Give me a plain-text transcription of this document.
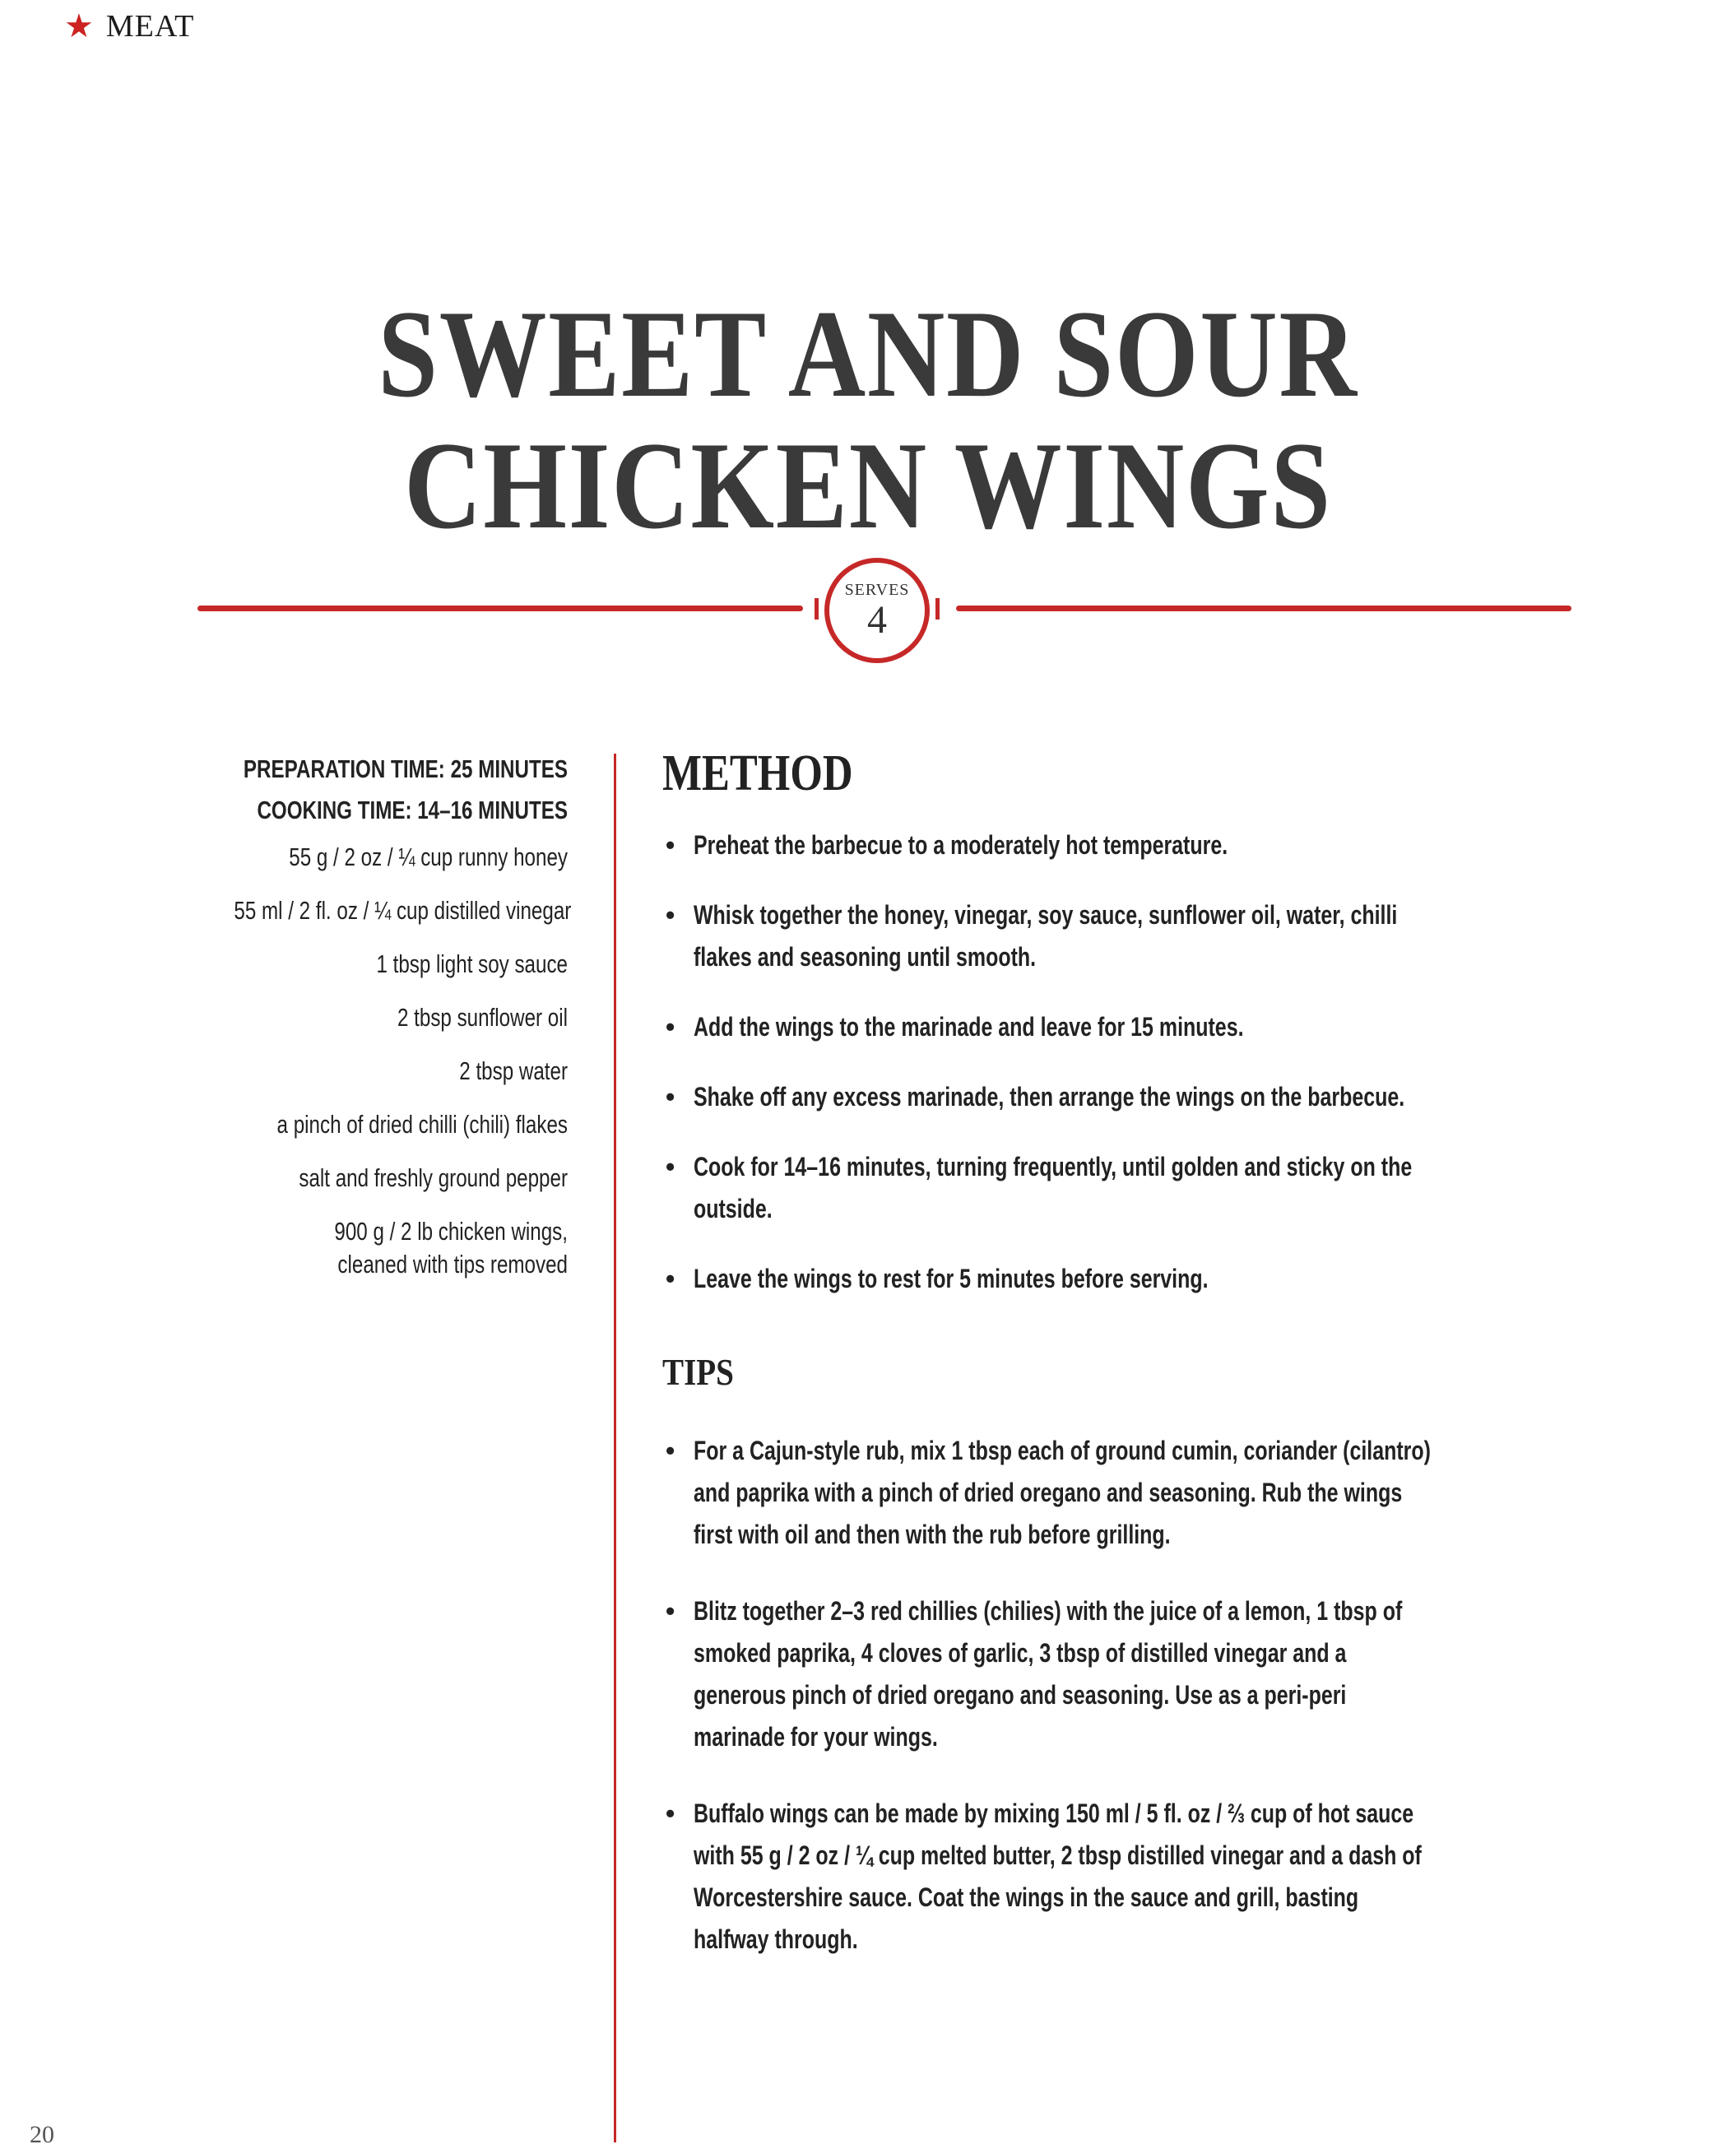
★ MEAT
SWEET AND SOUR
CHICKEN WINGS
SERVES
4
PREPARATION TIME: 25 MINUTES
COOKING TIME: 14–16 MINUTES
55 g / 2 oz / ¼ cup runny honey
55 ml / 2 fl. oz / ¼ cup distilled vinegar
1 tbsp light soy sauce
2 tbsp sunflower oil
2 tbsp water
a pinch of dried chilli (chili) flakes
salt and freshly ground pepper
900 g / 2 lb chicken wings, cleaned with tips removed
METHOD
• Preheat the barbecue to a moderately hot temperature.
• Whisk together the honey, vinegar, soy sauce, sunflower oil, water, chilli flakes and seasoning until smooth.
• Add the wings to the marinade and leave for 15 minutes.
• Shake off any excess marinade, then arrange the wings on the barbecue.
• Cook for 14–16 minutes, turning frequently, until golden and sticky on the outside.
• Leave the wings to rest for 5 minutes before serving.
TIPS
• For a Cajun-style rub, mix 1 tbsp each of ground cumin, coriander (cilantro) and paprika with a pinch of dried oregano and seasoning. Rub the wings first with oil and then with the rub before grilling.
• Blitz together 2–3 red chillies (chilies) with the juice of a lemon, 1 tbsp of smoked paprika, 4 cloves of garlic, 3 tbsp of distilled vinegar and a generous pinch of dried oregano and seasoning. Use as a peri-peri marinade for your wings.
• Buffalo wings can be made by mixing 150 ml / 5 fl. oz / ⅔ cup of hot sauce with 55 g / 2 oz / ¼ cup melted butter, 2 tbsp distilled vinegar and a dash of Worcestershire sauce. Coat the wings in the sauce and grill, basting halfway through.
20
